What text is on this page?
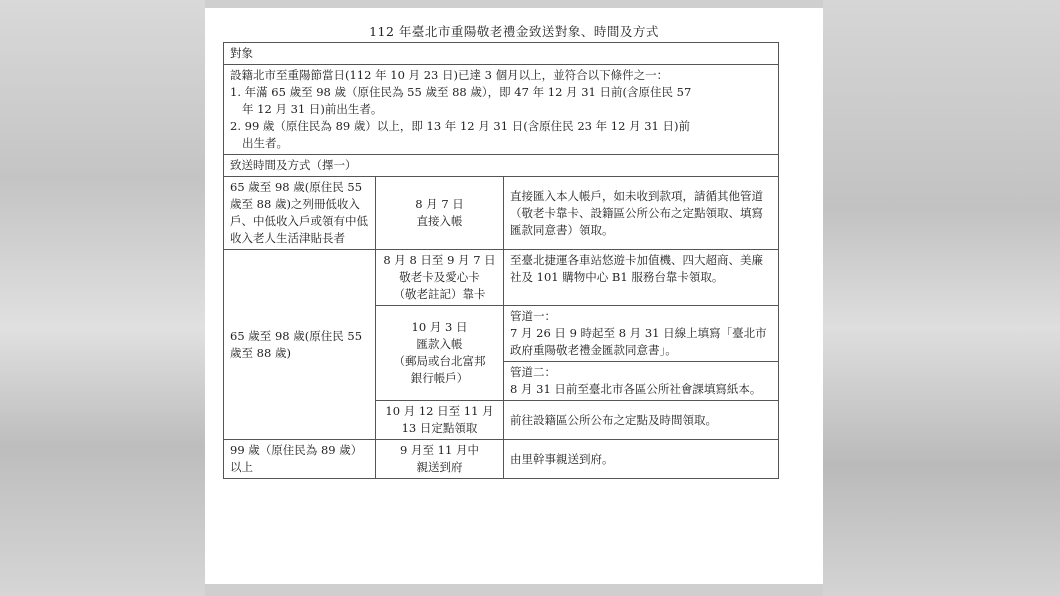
112 年臺北市重陽敬老禮金致送對象、時間及方式
對象		

設籍北市至重陽節當日(112 年 10 月 23 日)已達 3 個月以上，並符合以下條件之一：
1. 年滿 65 歲至 98 歲（原住民為 55 歲至 88 歲），即 47 年 12 月 31 日前(含原住民 57
年 12 月 31 日)前出生者。
2. 99 歲（原住民為 89 歲）以上，即 13 年 12 月 31 日(含原住民 23 年 12 月 31 日)前
出生者。		

致送時間及方式（擇一）		
65 歲至 98 歲(原住民 55 歲至 88 歲)之列冊低收入戶、中低收入戶或領有中低收入老人生活津貼長者	8 月 7 日
直接入帳	直接匯入本人帳戶，如未收到款項，請循其他管道（敬老卡靠卡、設籍區公所公布之定點領取、填寫匯款同意書）領取。
65 歲至 98 歲(原住民 55 歲至 88 歲)	8 月 8 日至 9 月 7 日
敬老卡及愛心卡
（敬老註記）靠卡	至臺北捷運各車站悠遊卡加值機、四大超商、美廉社及 101 購物中心 B1 服務台靠卡領取。

	10 月 3 日
匯款入帳
（郵局或台北富邦
銀行帳戶）	管道一：
7 月 26 日 9 時起至 8 月 31 日線上填寫「臺北市政府重陽敬老禮金匯款同意書」。
管道二：
8 月 31 日前至臺北市各區公所社會課填寫紙本。

	10 月 12 日至 11 月
13 日定點領取	前往設籍區公所公布之定點及時間領取。
99 歲（原住民為 89 歲）以上	9 月至 11 月中
親送到府	由里幹事親送到府。
